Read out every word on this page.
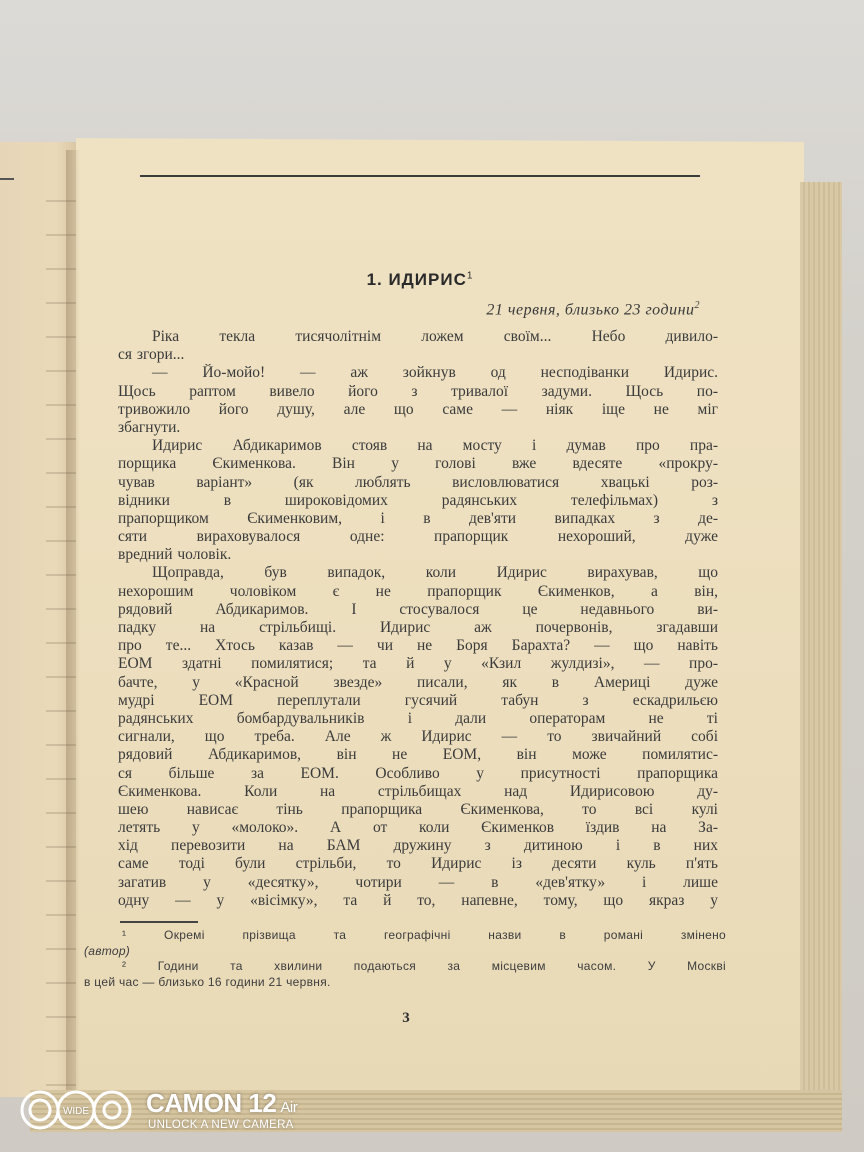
1. ИДИРИС$^1$
21 червня, близько 23 години$^2$
Ріка текла тисячолітнім ложем своїм... Небо дивило-
ся згори...
— Йо-мойо! — аж зойкнув од несподіванки Идирис.
Щось раптом вивело його з тривалої задуми. Щось по-
тривожило його душу, але що саме — ніяк іще не міг
збагнути.
Идирис Абдикаримов стояв на мосту і думав про пра-
порщика Єкименкова. Він у голові вже вдесяте «прокру-
чував варіант» (як люблять висловлюватися хвацькі роз-
відники в широковідомих радянських телефільмах) з
прапорщиком Єкименковим, і в дев'яти випадках з де-
сяти вираховувалося одне: прапорщик нехороший, дуже
вредний чоловік.
Щоправда, був випадок, коли Идирис вирахував, що
нехорошим чоловіком є не прапорщик Єкименков, а він,
рядовий Абдикаримов. І стосувалося це недавнього ви-
падку на стрільбищі. Идирис аж почервонів, згадавши
про те... Хтось казав — чи не Боря Барахта? — що навіть
ЕОМ здатні помилятися; та й у «Кзил жулдизі», — про-
бачте, у «Красной звезде» писали, як в Америці дуже
мудрі ЕОМ переплутали гусячий табун з ескадрильєю
радянських бомбардувальників і дали операторам не ті
сигнали, що треба. Але ж Идирис — то звичайний собі
рядовий Абдикаримов, він не ЕОМ, він може помилятис-
ся більше за ЕОМ. Особливо у присутності прапорщика
Єкименкова. Коли на стрільбищах над Идирисовою ду-
шею нависає тінь прапорщика Єкименкова, то всі кулі
летять у «молоко». А от коли Єкименков їздив на За-
хід перевозити на БАМ дружину з дитиною і в них
саме тоді були стрільби, то Идирис із десяти куль п'ять
загатив у «десятку», чотири — в «дев'ятку» і лише
одну — у «вісімку», та й то, напевне, тому, що якраз у
¹ Окремі прізвища та географічні назви в романі змінено
(автор)
² Години та хвилини подаються за місцевим часом. У Москві
в цей час — близько 16 години 21 червня.
3
WIDE CAMON 12 Air
UNLOCK A NEW CAMERA
